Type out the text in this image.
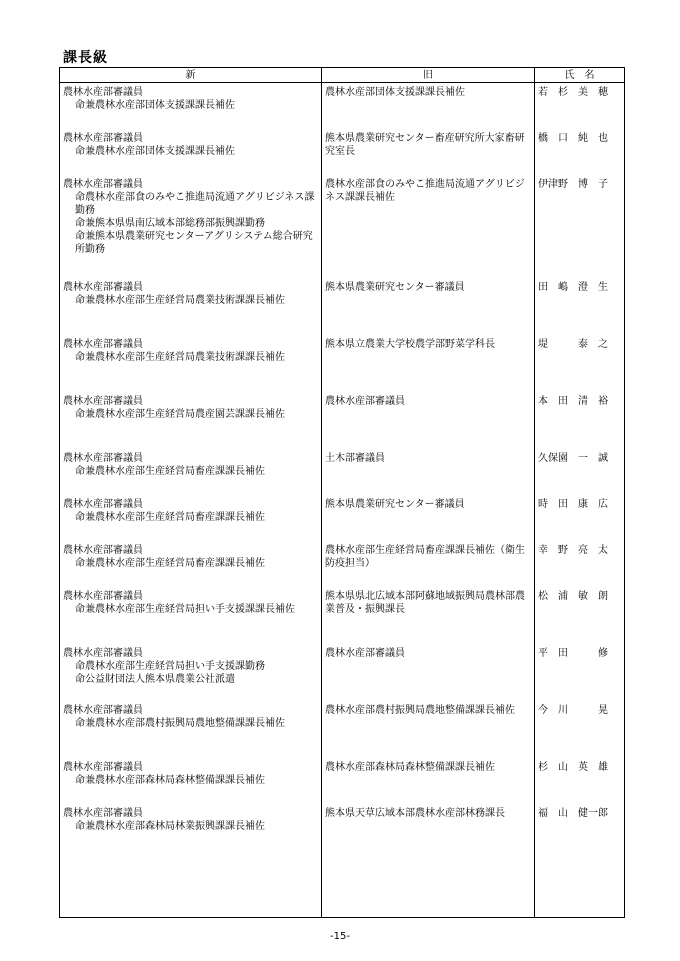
課長級
新	旧	氏　名

農林水産部審議員
命兼農林水産部団体支援課課長補佐	農林水産部団体支援課課長補佐	若　杉　美　穂

農林水産部審議員
命兼農林水産部団体支援課課長補佐	熊本県農業研究センター畜産研究所大家畜研究室長	橋　口　純　也

農林水産部審議員
命農林水産部食のみやこ推進局流通アグリビジネス課勤務
命兼熊本県県南広域本部総務部振興課勤務
命兼熊本県農業研究センターアグリシステム総合研究所勤務	農林水産部食のみやこ推進局流通アグリビジネス課課長補佐	伊津野　博　子

農林水産部審議員
命兼農林水産部生産経営局農業技術課課長補佐	熊本県農業研究センター審議員	田　嶋　澄　生

農林水産部審議員
命兼農林水産部生産経営局農業技術課課長補佐	熊本県立農業大学校農学部野菜学科長	堤　　　泰　之

農林水産部審議員
命兼農林水産部生産経営局農産園芸課課長補佐	農林水産部審議員	本　田　清　裕

農林水産部審議員
命兼農林水産部生産経営局畜産課課長補佐	土木部審議員	久保園　一　誠

農林水産部審議員
命兼農林水産部生産経営局畜産課課長補佐	熊本県農業研究センター審議員	時　田　康　広

農林水産部審議員
命兼農林水産部生産経営局畜産課課長補佐	農林水産部生産経営局畜産課課長補佐（衛生防疫担当）	幸　野　亮　太

農林水産部審議員
命兼農林水産部生産経営局担い手支援課課長補佐	熊本県県北広域本部阿蘇地域振興局農林部農業普及・振興課長	松　浦　敏　朗

農林水産部審議員
命農林水産部生産経営局担い手支援課勤務
命公益財団法人熊本県農業公社派遣	農林水産部審議員	平　田　　　修

農林水産部審議員
命兼農林水産部農村振興局農地整備課課長補佐	農林水産部農村振興局農地整備課課長補佐	今　川　　　晃

農林水産部審議員
命兼農林水産部森林局森林整備課課長補佐	農林水産部森林局森林整備課課長補佐	杉　山　英　雄

農林水産部審議員
命兼農林水産部森林局林業振興課課長補佐	熊本県天草広域本部農林水産部林務課長	福　山　健一郎

-15-
